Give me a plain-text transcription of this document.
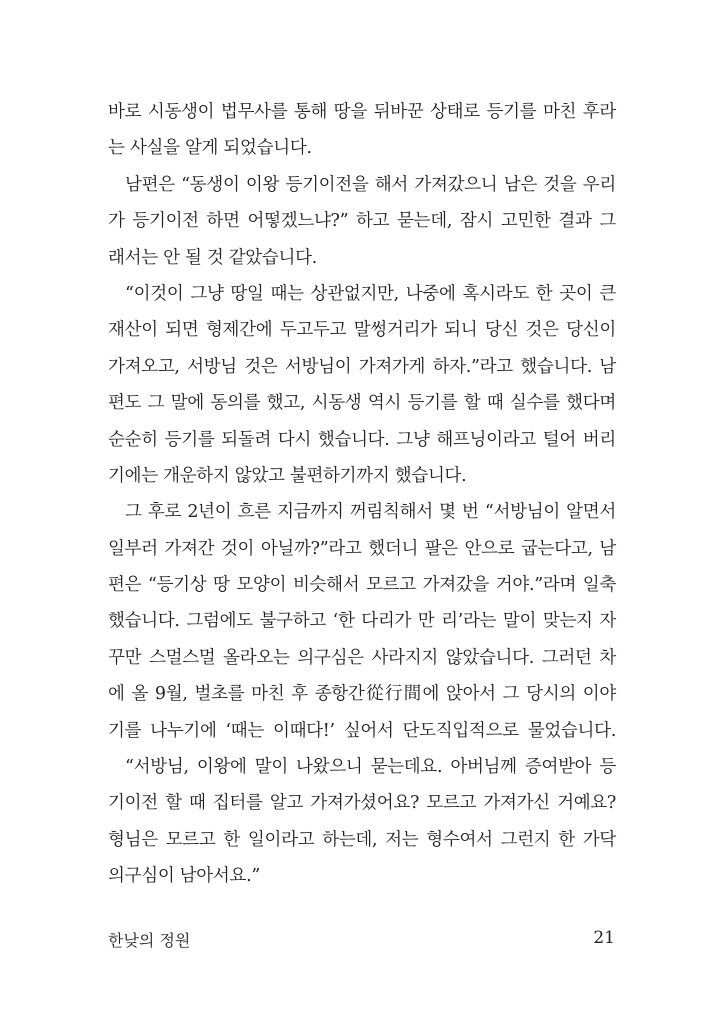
바로 시동생이 법무사를 통해 땅을 뒤바꾼 상태로 등기를 마친 후라
는 사실을 알게 되었습니다.
남편은 “동생이 이왕 등기이전을 해서 가져갔으니 남은 것을 우리
가 등기이전 하면 어떻겠느냐?” 하고 묻는데, 잠시 고민한 결과 그
래서는 안 될 것 같았습니다.
“이것이 그냥 땅일 때는 상관없지만, 나중에 혹시라도 한 곳이 큰
재산이 되면 형제간에 두고두고 말썽거리가 되니 당신 것은 당신이
가져오고, 서방님 것은 서방님이 가져가게 하자.”라고 했습니다. 남
편도 그 말에 동의를 했고, 시동생 역시 등기를 할 때 실수를 했다며
순순히 등기를 되돌려 다시 했습니다. 그냥 해프닝이라고 털어 버리
기에는 개운하지 않았고 불편하기까지 했습니다.
그 후로 2년이 흐른 지금까지 꺼림칙해서 몇 번 “서방님이 알면서
일부러 가져간 것이 아닐까?”라고 했더니 팔은 안으로 굽는다고, 남
편은 “등기상 땅 모양이 비슷해서 모르고 가져갔을 거야.”라며 일축
했습니다. 그럼에도 불구하고 ‘한 다리가 만 리’라는 말이 맞는지 자
꾸만 스멀스멀 올라오는 의구심은 사라지지 않았습니다. 그러던 차
에 올 9월, 벌초를 마친 후 종항간從行間에 앉아서 그 당시의 이야
기를 나누기에 ‘때는 이때다!’ 싶어서 단도직입적으로 물었습니다.
“서방님, 이왕에 말이 나왔으니 묻는데요. 아버님께 증여받아 등
기이전 할 때 집터를 알고 가져가셨어요? 모르고 가져가신 거예요?
형님은 모르고 한 일이라고 하는데, 저는 형수여서 그런지 한 가닥
의구심이 남아서요.”
한낮의 정원	21
